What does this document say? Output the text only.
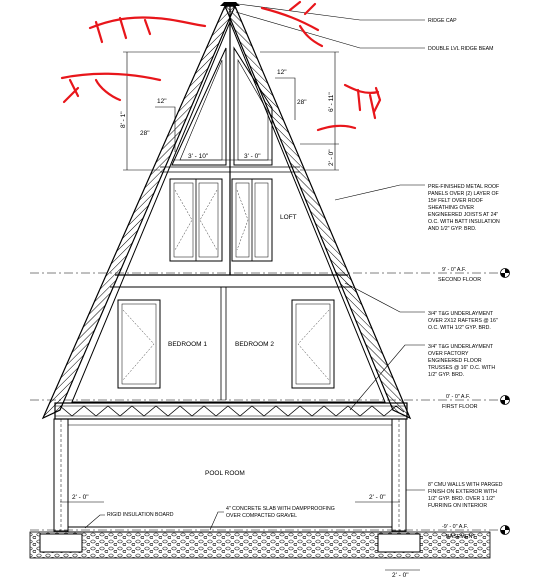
RIDGE CAP
DOUBLE LVL RIDGE BEAM
PRE-FINISHED METAL ROOF PANELS OVER (2) LAYER OF 15# FELT OVER ROOF SHEATHING OVER ENGINEERED JOISTS AT 24" O.C. WITH BATT INSULATION AND 1/2" GYP. BRD.
3/4" T&G UNDERLAYMENT OVER 2X12 RAFTERS @ 16" O.C. WITH 1/2" GYP. BRD.
3/4" T&G UNDERLAYMENT OVER FACTORY ENGINEERED FLOOR TRUSSES @ 16" O.C. WITH 1/2" GYP. BRD.
8" CMU WALLS WITH PARGED FINISH ON EXTERIOR WITH 1/2" GYP. BRD. OVER 1 1/2" FURRING ON INTERIOR
RIGID INSULATION BOARD
4" CONCRETE SLAB WITH DAMPPROOFING OVER COMPACTED GRAVEL
9' - 0" A.F.
SECOND FLOOR
0' - 0" A.F.
FIRST FLOOR
-9' - 0" A.F.
BASEMENT
LOFT
BEDROOM 1	BEDROOM 2
POOL ROOM
12"
28"
12"
28"
8' - 1"
6' - 11"
2' - 0"
3' - 10"	3' - 0"
2' - 0"	2' - 0"
2' - 0"
